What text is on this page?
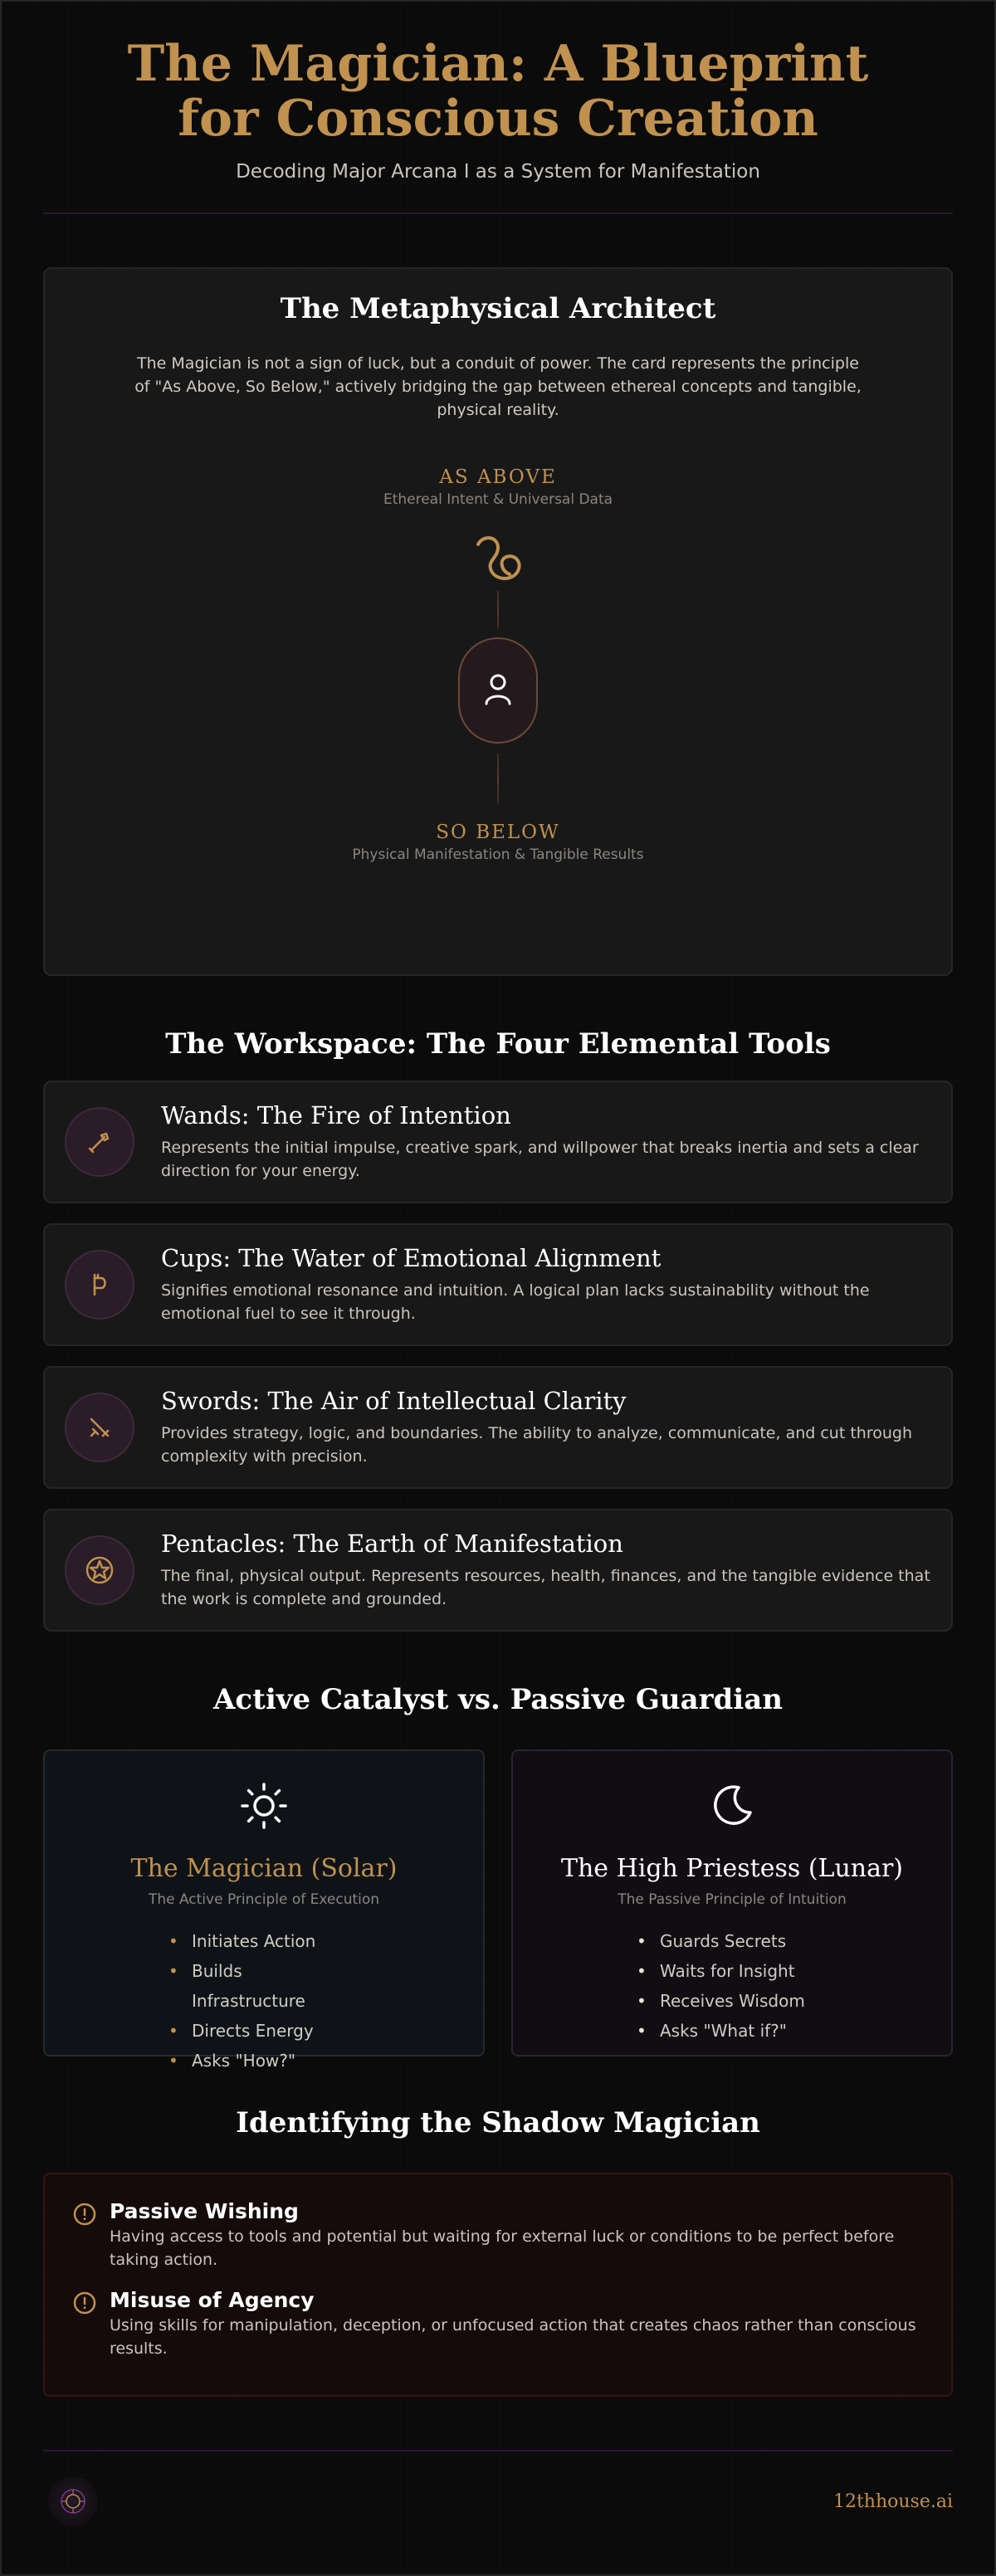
The Magician: A Blueprint for Conscious Creation
Decoding Major Arcana I as a System for Manifestation
The Metaphysical Architect

The Magician is not a sign of luck, but a conduit of power. The card represents the principle of "As Above, So Below," actively bridging the gap between ethereal concepts and tangible, physical reality.

AS ABOVE
Ethereal Intent & Universal Data
SO BELOW
Physical Manifestation & Tangible Results
The Workspace: The Four Elemental Tools
Wands: The Fire of Intention

Represents the initial impulse, creative spark, and willpower that breaks inertia and sets a clear direction for your energy.

Cups: The Water of Emotional Alignment

Signifies emotional resonance and intuition. A logical plan lacks sustainability without the emotional fuel to see it through.

Swords: The Air of Intellectual Clarity

Provides strategy, logic, and boundaries. The ability to analyze, communicate, and cut through complexity with precision.

Pentacles: The Earth of Manifestation

The final, physical output. Represents resources, health, finances, and the tangible evidence that the work is complete and grounded.

Active Catalyst vs. Passive Guardian
The Magician (Solar)
The Active Principle of Execution
• Initiates Action
• Builds Infrastructure
• Directs Energy
• Asks "How?"
The High Priestess (Lunar)
The Passive Principle of Intuition
• Guards Secrets
• Waits for Insight
• Receives Wisdom
• Asks "What if?"
Identifying the Shadow Magician
Passive Wishing

Having access to tools and potential but waiting for external luck or conditions to be perfect before taking action.

Misuse of Agency

Using skills for manipulation, deception, or unfocused action that creates chaos rather than conscious results.

12thhouse.ai
